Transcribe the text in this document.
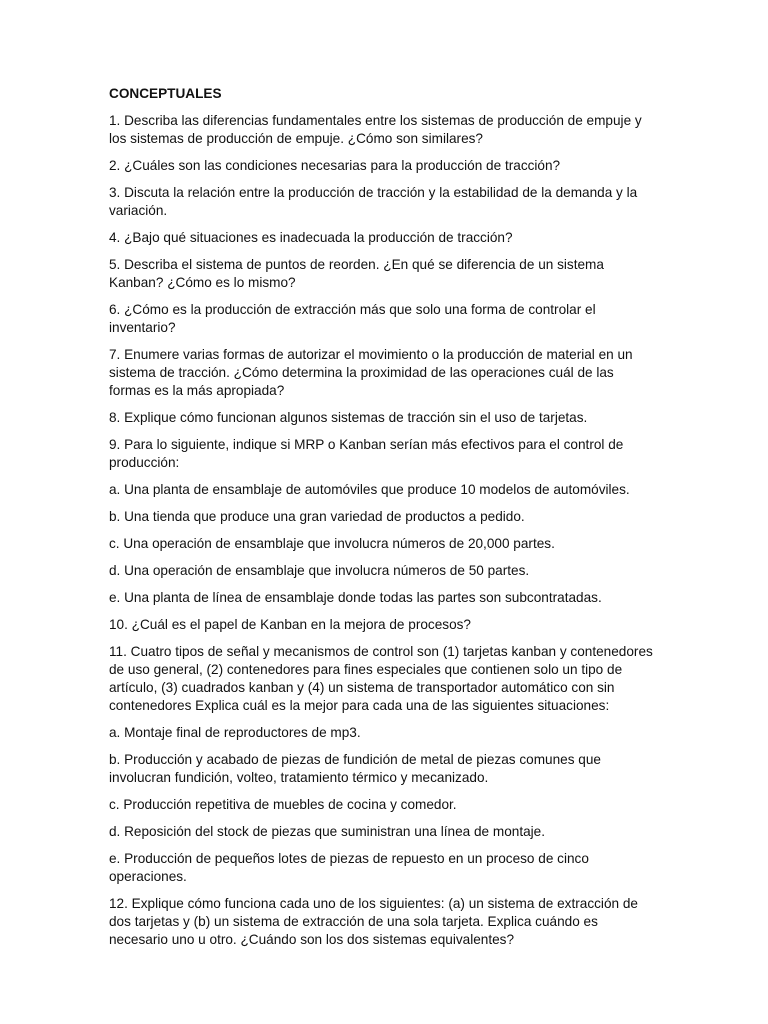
CONCEPTUALES

1. Describa las diferencias fundamentales entre los sistemas de producción de empuje y los sistemas de producción de empuje. ¿Cómo son similares?

2. ¿Cuáles son las condiciones necesarias para la producción de tracción?

3. Discuta la relación entre la producción de tracción y la estabilidad de la demanda y la variación.

4. ¿Bajo qué situaciones es inadecuada la producción de tracción?

5. Describa el sistema de puntos de reorden. ¿En qué se diferencia de un sistema Kanban? ¿Cómo es lo mismo?

6. ¿Cómo es la producción de extracción más que solo una forma de controlar el inventario?

7. Enumere varias formas de autorizar el movimiento o la producción de material en un sistema de tracción. ¿Cómo determina la proximidad de las operaciones cuál de las formas es la más apropiada?

8. Explique cómo funcionan algunos sistemas de tracción sin el uso de tarjetas.

9. Para lo siguiente, indique si MRP o Kanban serían más efectivos para el control de producción:

a. Una planta de ensamblaje de automóviles que produce 10 modelos de automóviles.

b. Una tienda que produce una gran variedad de productos a pedido.

c. Una operación de ensamblaje que involucra números de 20,000 partes.

d. Una operación de ensamblaje que involucra números de 50 partes.

e. Una planta de línea de ensamblaje donde todas las partes son subcontratadas.

10. ¿Cuál es el papel de Kanban en la mejora de procesos?

11. Cuatro tipos de señal y mecanismos de control son (1) tarjetas kanban y contenedores de uso general, (2) contenedores para fines especiales que contienen solo un tipo de artículo, (3) cuadrados kanban y (4) un sistema de transportador automático con sin contenedores Explica cuál es la mejor para cada una de las siguientes situaciones:

a. Montaje final de reproductores de mp3.

b. Producción y acabado de piezas de fundición de metal de piezas comunes que involucran fundición, volteo, tratamiento térmico y mecanizado.

c. Producción repetitiva de muebles de cocina y comedor.

d. Reposición del stock de piezas que suministran una línea de montaje.

e. Producción de pequeños lotes de piezas de repuesto en un proceso de cinco operaciones.

12. Explique cómo funciona cada uno de los siguientes: (a) un sistema de extracción de dos tarjetas y (b) un sistema de extracción de una sola tarjeta. Explica cuándo es necesario uno u otro. ¿Cuándo son los dos sistemas equivalentes?
